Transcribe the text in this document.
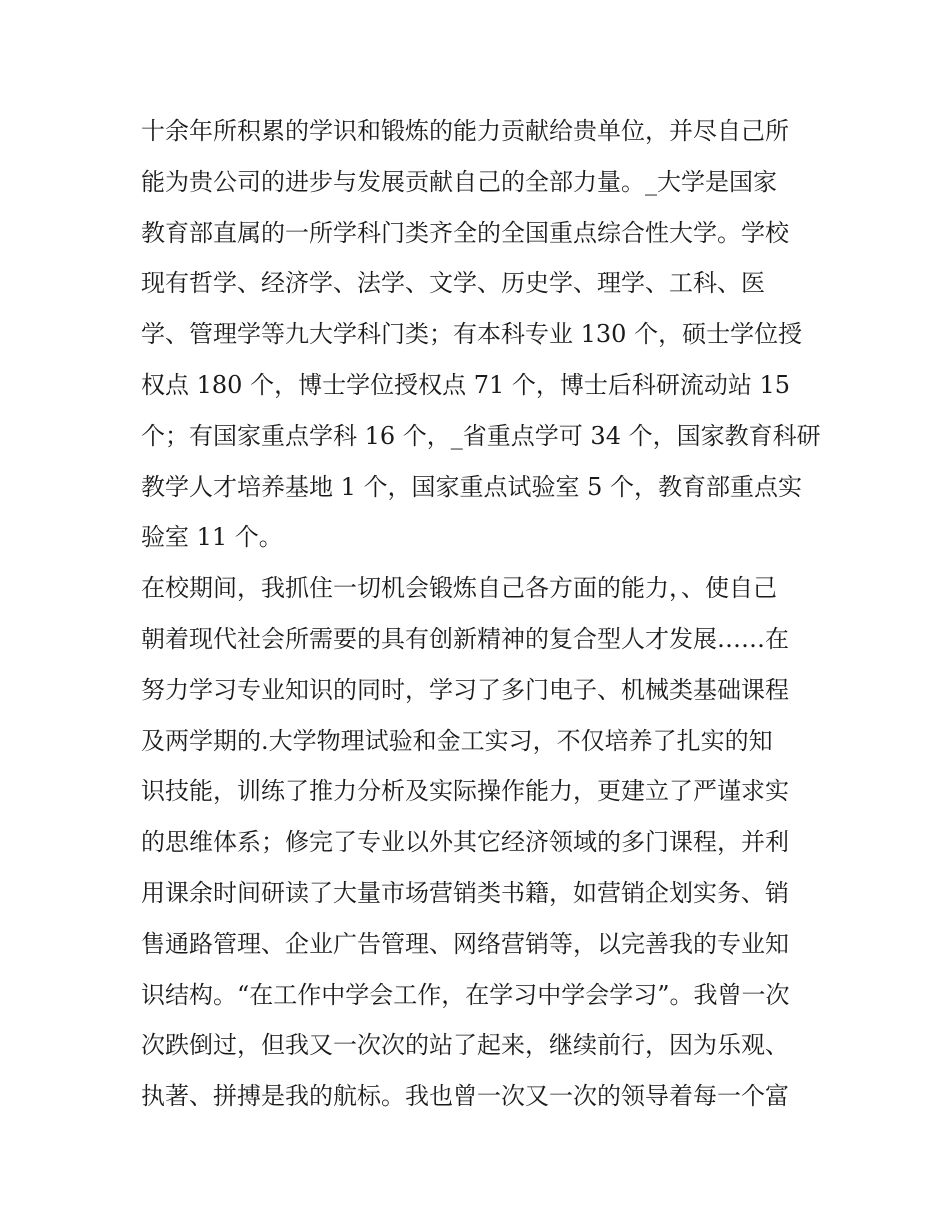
十余年所积累的学识和锻炼的能力贡献给贵单位，并尽自己所
能为贵公司的进步与发展贡献自己的全部力量。_大学是国家
教育部直属的一所学科门类齐全的全国重点综合性大学。学校
现有哲学、经济学、法学、文学、历史学、理学、工科、医
学、管理学等九大学科门类；有本科专业 130 个，硕士学位授
权点 180 个，博士学位授权点 71 个，博士后科研流动站 15
个；有国家重点学科 16 个，_省重点学可 34 个，国家教育科研
教学人才培养基地 1 个，国家重点试验室 5 个，教育部重点实
验室 11 个。
在校期间，我抓住一切机会锻炼自己各方面的能力，、使自己
朝着现代社会所需要的具有创新精神的复合型人才发展……在
努力学习专业知识的同时，学习了多门电子、机械类基础课程
及两学期的.大学物理试验和金工实习，不仅培养了扎实的知
识技能，训练了推力分析及实际操作能力，更建立了严谨求实
的思维体系；修完了专业以外其它经济领域的多门课程，并利
用课余时间研读了大量市场营销类书籍，如营销企划实务、销
售通路管理、企业广告管理、网络营销等，以完善我的专业知
识结构。“在工作中学会工作，在学习中学会学习”。我曾一次
次跌倒过，但我又一次次的站了起来，继续前行，因为乐观、
执著、拼搏是我的航标。我也曾一次又一次的领导着每一个富
